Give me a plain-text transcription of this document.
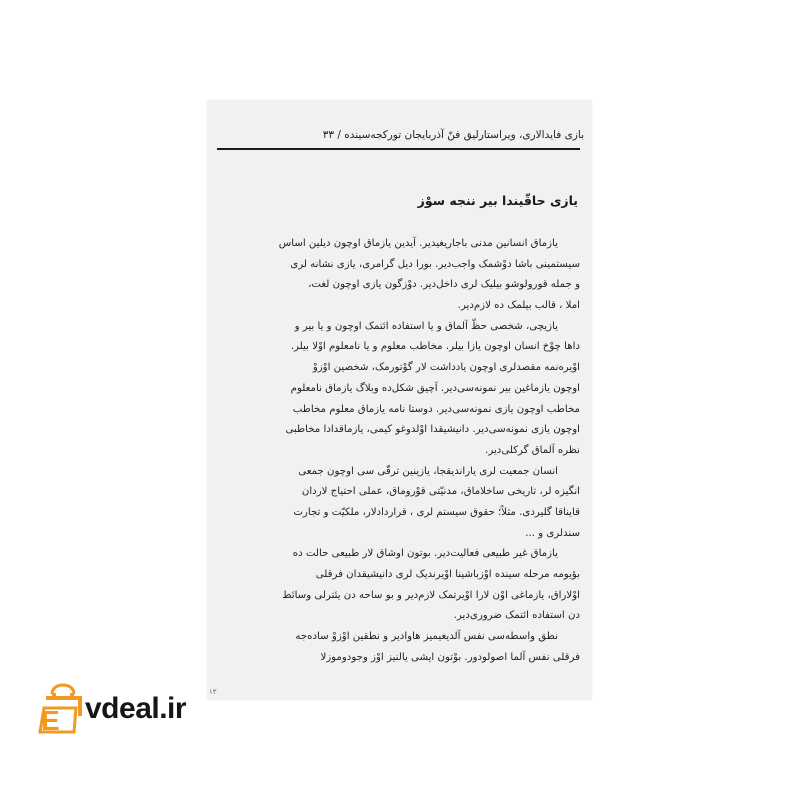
بازی فایدالاری، ویراستارلیق فنّ آذربایجان تورکجه‌سینده / ۳۳
یازی حاقّیندا بیر ننجه سوْز
یازماق انسانین مدنی باجاریغیدیر. آیدین یازماق اوچون دیلین اساس
سیستمینی باشا دوْشمک واجب‌دیر. بورا دیل گرامری، یازی نشانه لری
و جمله قورولوشو بیلیک لری داخل‌دیر. دوْزگون یازی اوچون لغت،
املا ، قالب بیلمک ده لازم‌دیر.
یازیچی، شخصی حظّ آلماق و یا استفاده ائتمک اوچون و یا بیر و
داها چوْخ انسان اوچون یازا بیلر. مخاطب معلوم و یا نامعلوم اوْلا بیلر.
اوْیره‌نمه مقصدلری اوچون یادداشت لار گوْتورمک، شخصین اوْزوْ
اوچون یازماغین بیر نمونه‌سی‌دیر. آچیق شکل‌ده وبلاگ یازماق نامعلوم
مخاطب اوچون یازی نمونه‌سی‌دیر. دوستا نامه یازماق معلوم مخاطب
اوچون یازی نمونه‌سی‌دیر. دانیشیقدا اوْلدوغو کیمی، یازماقدادا مخاطبی
نظره آلماق گرکلی‌دیر.
انسان جمعیت لری یاراندیقجا، یازینین ترقّی سی اوچون جمعی
انگیزه لر، تاریخی ساخلاماق، مدنیّتی قوْروماق، عملی احتیاج لاردان
قایناقا گلیردی. مثلاً؛ حقوق سیستم لری ، قراردادلار، ملکیّت و تجارت
سندلری و ...
یازماق غیر طبیعی فعالیت‌دیر. بوتون اوشاق لار طبیعی حالت ده
بؤیومه مرحله سینده اوْزباشینا اوْیرندیک لری دانیشیقدان فرقلی
اوْلاراق، یازماغی اوْن لارا اوْیرتمک لازم‌دیر و بو ساحه دن یئترلی وسائط
دن استفاده ائتمک ضروری‌دیر.
نطق واسطه‌سی نفس آلدیغیمیز هاوادیر و نطقین اوْزوْ ساده‌جه
فرقلی نفس آلما اصولودور. بوْتون ایشی یالنیز اوْز وجودوموزلا
۱۳
E vdeal.ir
